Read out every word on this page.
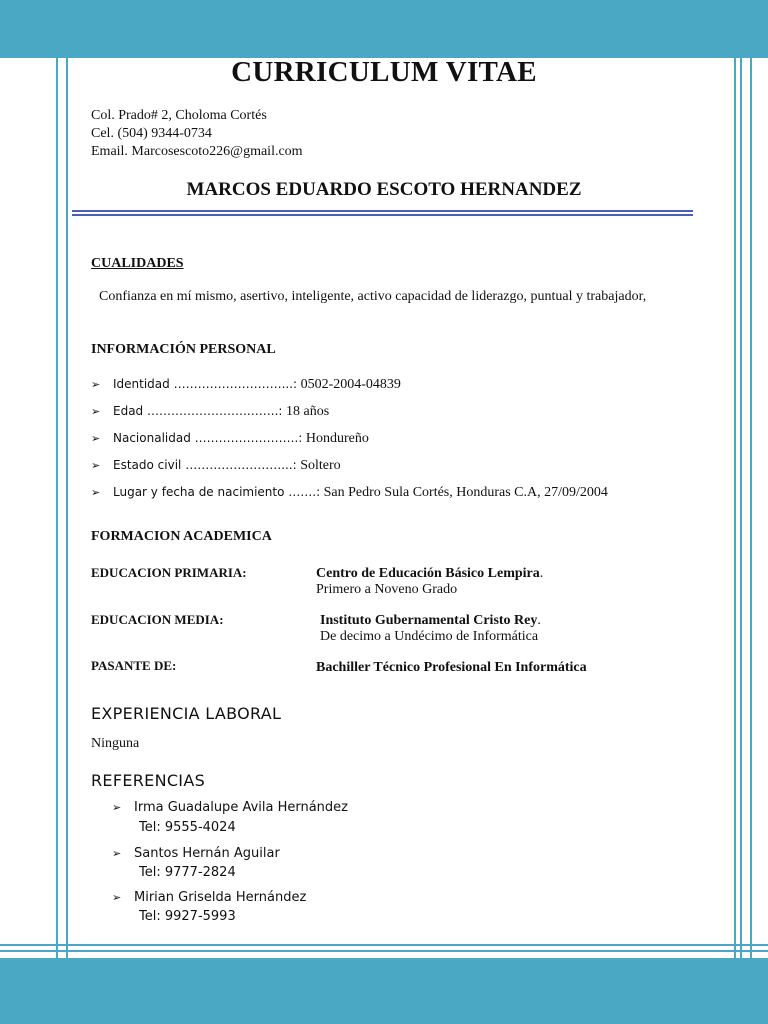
CURRICULUM VITAE
Col. Prado# 2, Choloma Cortés
Cel. (504) 9344-0734
Email. Marcosescoto226@gmail.com
MARCOS EDUARDO ESCOTO HERNANDEZ
CUALIDADES
Confianza en mí mismo, asertivo, inteligente, activo capacidad de liderazgo, puntual y trabajador,
INFORMACIÓN PERSONAL
➢ Identidad ………………………...: 0502-2004-04839
➢ Edad …………………….……..: 18 años
➢ Nacionalidad ……………………..: Hondureño
➢ Estado civil ……………………...: Soltero
➢ Lugar y fecha de nacimiento …….: San Pedro Sula Cortés, Honduras C.A, 27/09/2004
FORMACION ACADEMICA
EDUCACION PRIMARIA:	Centro de Educación Básico Lempira.
Primero a Noveno Grado
EDUCACION MEDIA:	Instituto Gubernamental Cristo Rey.
De decimo a Undécimo de Informática
PASANTE DE:	Bachiller Técnico Profesional En Informática
EXPERIENCIA LABORAL
Ninguna
REFERENCIAS
➢ Irma Guadalupe Avila Hernández
Tel: 9555-4024
➢ Santos Hernán Aguilar
Tel: 9777-2824
➢ Mirian Griselda Hernández
Tel: 9927-5993
